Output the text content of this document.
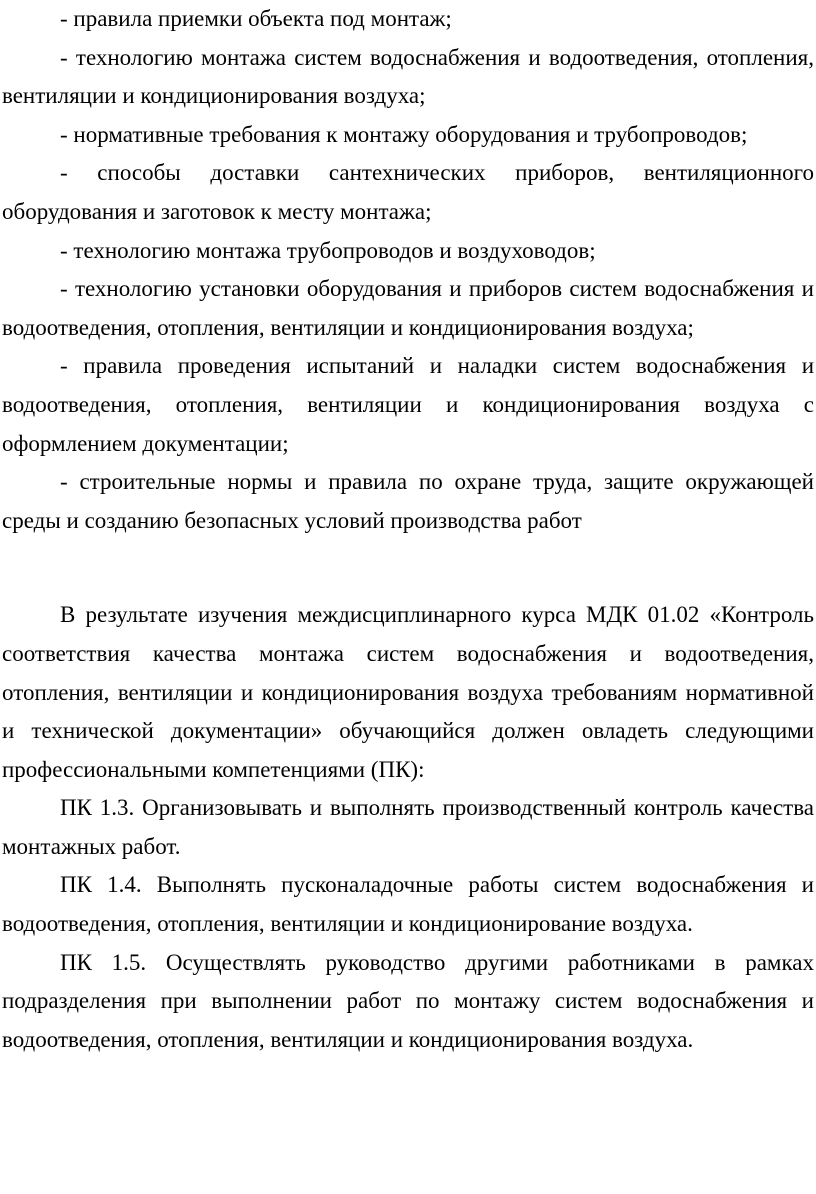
- правила приемки объекта под монтаж;

- технологию монтажа систем водоснабжения и водоотведения, отопления, вентиляции и кондиционирования воздуха;

- нормативные требования к монтажу оборудования и трубопроводов;

- способы доставки сантехнических приборов, вентиляционного оборудования и заготовок к месту монтажа;

- технологию монтажа трубопроводов и воздуховодов;

- технологию установки оборудования и приборов систем водоснабжения и водоотведения, отопления, вентиляции и кондиционирования воздуха;

- правила проведения испытаний и наладки систем водоснабжения и водоотведения, отопления, вентиляции и кондиционирования воздуха с оформлением документации;

- строительные нормы и правила по охране труда, защите окружающей среды и созданию безопасных условий производства работ

В результате изучения междисциплинарного курса МДК 01.02 «Контроль соответствия качества монтажа систем водоснабжения и водоотведения, отопления, вентиляции и кондиционирования воздуха требованиям нормативной и технической документации» обучающийся должен овладеть следующими профессиональными компетенциями (ПК):

ПК 1.3. Организовывать и выполнять производственный контроль качества монтажных работ.

ПК 1.4. Выполнять пусконаладочные работы систем водоснабжения и водоотведения, отопления, вентиляции и кондиционирование воздуха.

ПК 1.5. Осуществлять руководство другими работниками в рамках подразделения при выполнении работ по монтажу систем водоснабжения и водоотведения, отопления, вентиляции и кондиционирования воздуха.
